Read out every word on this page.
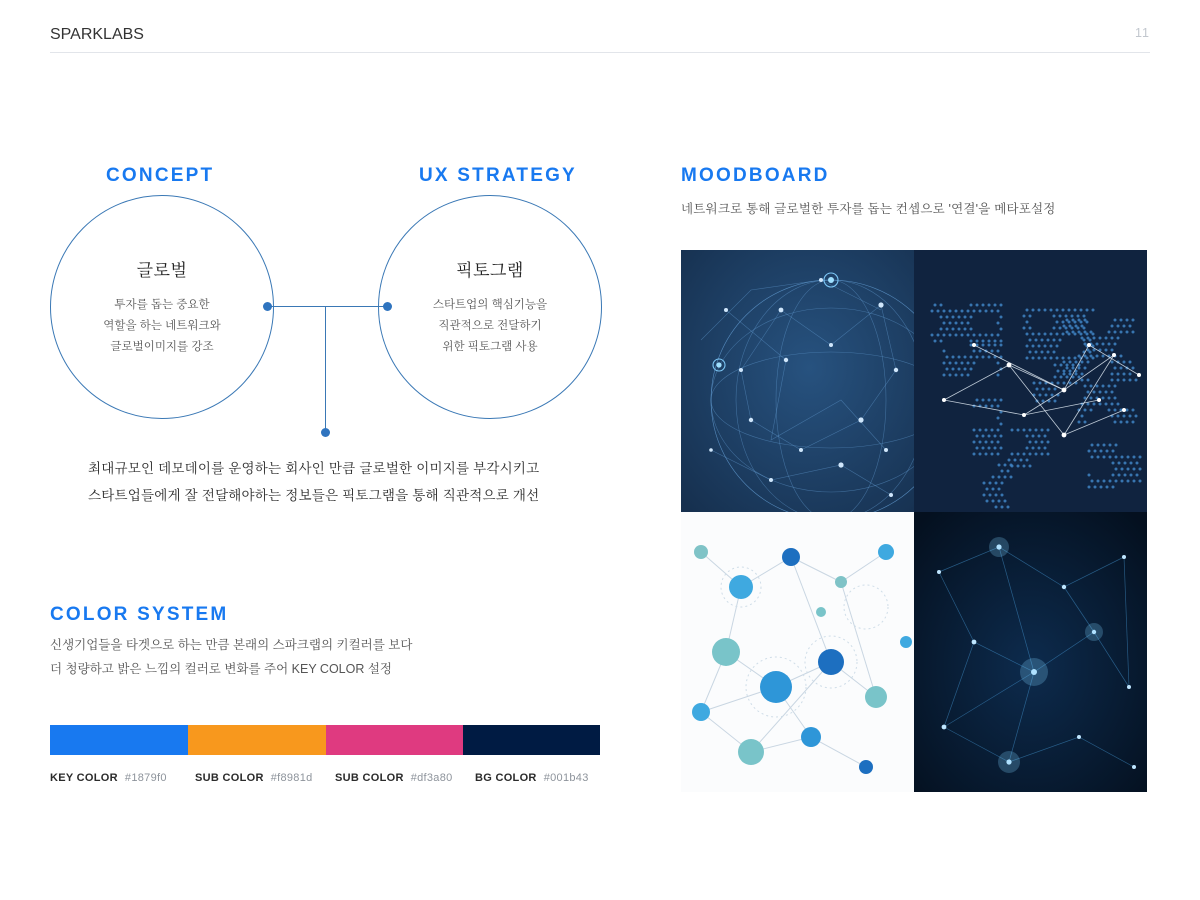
SPARKLABS	11
CONCEPT	UX STRATEGY
글로벌
투자를 돕는 중요한
역할을 하는 네트워크와
글로벌이미지를 강조
픽토그램
스타트업의 핵심기능을
직관적으로 전달하기
위한 픽토그램 사용
최대규모인 데모데이를 운영하는 회사인 만큼 글로벌한 이미지를 부각시키고
스타트업들에게 잘 전달해야하는 정보들은 픽토그램을 통해 직관적으로 개선
COLOR SYSTEM
신생기업들을 타겟으로 하는 만큼 본래의 스파크랩의 키컬러를 보다
더 청량하고 밝은 느낌의 컬러로 변화를 주어 KEY COLOR 설정
KEY COLOR #1879f0	SUB COLOR #f8981d SUB COLOR #df3a80 BG COLOR #001b43
MOODBOARD
네트워크로 통해 글로벌한 투자를 돕는 컨셉으로 '연결'을 메타포설정
